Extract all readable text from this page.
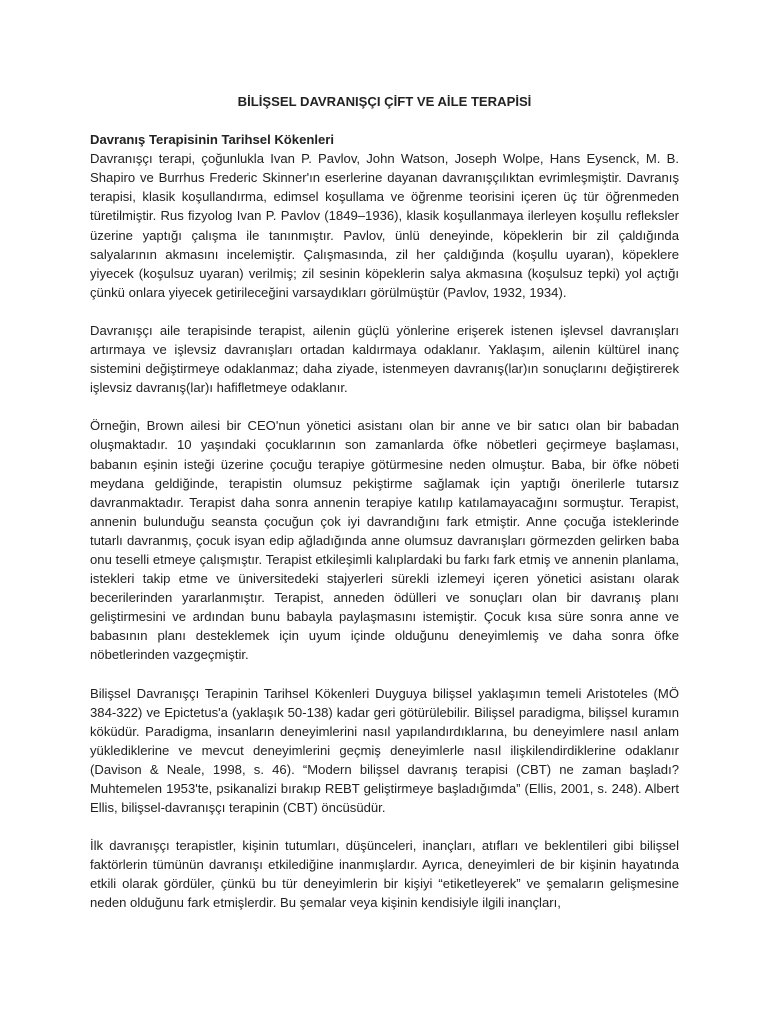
BİLİŞSEL DAVRANIŞÇI ÇİFT VE AİLE TERAPİSİ
Davranış Terapisinin Tarihsel Kökenleri

Davranışçı terapi, çoğunlukla Ivan P. Pavlov, John Watson, Joseph Wolpe, Hans Eysenck, M. B. Shapiro ve Burrhus Frederic Skinner'ın eserlerine dayanan davranışçılıktan evrimleşmiştir. Davranış terapisi, klasik koşullandırma, edimsel koşullama ve öğrenme teorisini içeren üç tür öğrenmeden türetilmiştir. Rus fizyolog Ivan P. Pavlov (1849–1936), klasik koşullanmaya ilerleyen koşullu refleksler üzerine yaptığı çalışma ile tanınmıştır. Pavlov, ünlü deneyinde, köpeklerin bir zil çaldığında salyalarının akmasını incelemiştir. Çalışmasında, zil her çaldığında (koşullu uyaran), köpeklere yiyecek (koşulsuz uyaran) verilmiş; zil sesinin köpeklerin salya akmasına (koşulsuz tepki) yol açtığı çünkü onlara yiyecek getirileceğini varsaydıkları görülmüştür (Pavlov, 1932, 1934).

Davranışçı aile terapisinde terapist, ailenin güçlü yönlerine erişerek istenen işlevsel davranışları artırmaya ve işlevsiz davranışları ortadan kaldırmaya odaklanır. Yaklaşım, ailenin kültürel inanç sistemini değiştirmeye odaklanmaz; daha ziyade, istenmeyen davranış(lar)ın sonuçlarını değiştirerek işlevsiz davranış(lar)ı hafifletmeye odaklanır.

Örneğin, Brown ailesi bir CEO'nun yönetici asistanı olan bir anne ve bir satıcı olan bir babadan oluşmaktadır. 10 yaşındaki çocuklarının son zamanlarda öfke nöbetleri geçirmeye başlaması, babanın eşinin isteği üzerine çocuğu terapiye götürmesine neden olmuştur. Baba, bir öfke nöbeti meydana geldiğinde, terapistin olumsuz pekiştirme sağlamak için yaptığı önerilerle tutarsız davranmaktadır. Terapist daha sonra annenin terapiye katılıp katılamayacağını sormuştur. Terapist, annenin bulunduğu seansta çocuğun çok iyi davrandığını fark etmiştir. Anne çocuğa isteklerinde tutarlı davranmış, çocuk isyan edip ağladığında anne olumsuz davranışları görmezden gelirken baba onu teselli etmeye çalışmıştır. Terapist etkileşimli kalıplardaki bu farkı fark etmiş ve annenin planlama, istekleri takip etme ve üniversitedeki stajyerleri sürekli izlemeyi içeren yönetici asistanı olarak becerilerinden yararlanmıştır. Terapist, anneden ödülleri ve sonuçları olan bir davranış planı geliştirmesini ve ardından bunu babayla paylaşmasını istemiştir. Çocuk kısa süre sonra anne ve babasının planı desteklemek için uyum içinde olduğunu deneyimlemiş ve daha sonra öfke nöbetlerinden vazgeçmiştir.

Bilişsel Davranışçı Terapinin Tarihsel Kökenleri Duyguya bilişsel yaklaşımın temeli Aristoteles (MÖ 384-322) ve Epictetus'a (yaklaşık 50-138) kadar geri götürülebilir. Bilişsel paradigma, bilişsel kuramın köküdür. Paradigma, insanların deneyimlerini nasıl yapılandırdıklarına, bu deneyimlere nasıl anlam yüklediklerine ve mevcut deneyimlerini geçmiş deneyimlerle nasıl ilişkilendirdiklerine odaklanır (Davison & Neale, 1998, s. 46). “Modern bilişsel davranış terapisi (CBT) ne zaman başladı? Muhtemelen 1953'te, psikanalizi bırakıp REBT geliştirmeye başladığımda” (Ellis, 2001, s. 248). Albert Ellis, bilişsel-davranışçı terapinin (CBT) öncüsüdür.

İlk davranışçı terapistler, kişinin tutumları, düşünceleri, inançları, atıfları ve beklentileri gibi bilişsel faktörlerin tümünün davranışı etkilediğine inanmışlardır. Ayrıca, deneyimleri de bir kişinin hayatında etkili olarak gördüler, çünkü bu tür deneyimlerin bir kişiyi “etiketleyerek” ve şemaların gelişmesine neden olduğunu fark etmişlerdir. Bu şemalar veya kişinin kendisiyle ilgili inançları,
